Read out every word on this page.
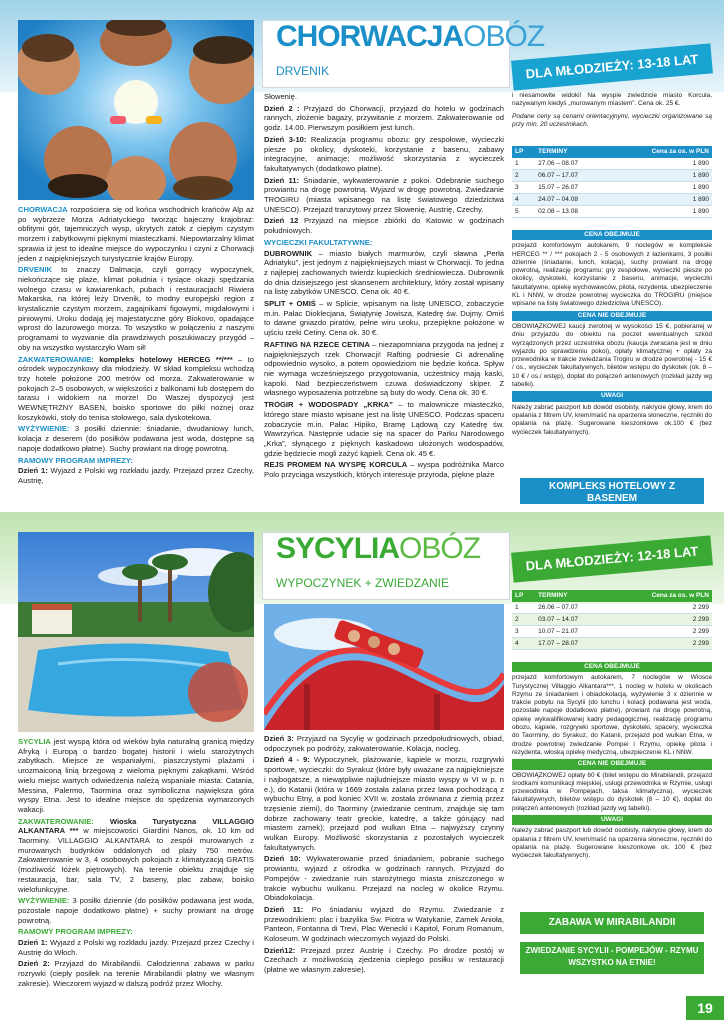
CHORWACJAOBÓZ
DRVENIK	DLA MŁODZIEŻY: 13-18 LAT

CHORWACJA rozpościera się od końca wschodnich krańców Alp aż po wybrzeże Morza Adriatyckiego tworząc bajeczny krajobraz: obfitymi gór, tajemniczych wysp, ukrytych zatok z ciepłym czystym morzem i zabytkowymi pięknymi miasteczkami. Niepowtarzalny klimat sprawia iż jest to idealne miejsce do wypoczynku i czyni z Chorwacji jeden z najpiękniejszych turystycznie krajów Europy.

DRVENIK to znaczy Dalmacja, czyli gorrący wypoczynek, niekończące się plaże, klimat południa i tysiące okazji spędzania wolnego czasu w kawiarenkach, pubach i restauracjach! Riwiera Makarska, na której leży Drvenik, to modny europejski region z krystalicznie czystym morzem, zagajnikami figowymi, migdałowymi i piniowymi. Uroku dodają jej majestatyczne góry Biokovo, opadające wprost do lazurowego morza. To wszystko w połączeniu z naszymi programami to wyzwanie dla prawdziwych poszukiwaczy przygód – oby na wszystko wystarczyło Wam sił!

ZAKWATEROWANIE: kompleks hotelowy HERCEG **/*** – to ośrodek wypoczynkowy dla młodzieży. W skład kompleksu wchodzą trzy hotele położone 200 metrów od morza. Zakwaterowanie w pokojach 2–5 osobowych, w większości z balkonami lub dostępem do tarasu i widokiem na morze! Do Waszej dyspozycji jest WEWNĘTRZNY BASEN, boisko sportowe do piłki nożnej oraz koszykówki, stoły do tenisa stołowego, sala dyskotekowa.

WYŻYWIENIE: 3 posiłki dziennie: śniadanie, dwudaniowy lunch, kolacja z deserem (do posiłków podawana jest woda, dostępne są napoje dodatkowo płatne). Suchy prowiant na drogę powrotną.

RAMOWY PROGRAM IMPREZY:

Dzień 1: Wyjazd z Polski wg rozkładu jazdy. Przejazd przez Czechy, Austrię,

Słowenię.

Dzień 2 : Przyjazd do Chorwacji, przyjazd do hotelu w godzinach rannych, złożenie bagaży, przywitanie z morzem. Zakwaterowanie od godz. 14.00. Pierwszym posiłkiem jest lunch.

Dzień 3-10: Realizacja programu obozu: gry zespołowe, wycieczki piesze po okolicy, dyskoteki, korzystanie z basenu, zabawy integracyjne, animacje; możliwość skorzystania z wycieczek fakultatywnych (dodatkowo płatne).

Dzień 11: Śniadanie, wykwaterowanie z pokoi. Odebranie suchego prowiantu na drogę powrotną. Wyjazd w drogę powrotną. Zwiedzanie TROGIRU (miasta wpisanego na listę światowego dziedzictwa UNESCO). Przejazd tranzytowy przez Słowenię, Austrię, Czechy.

Dzień 12 Przyjazd na miejsce zbiórki do Katowic w godzinach południowych.

WYCIECZKI FAKULTATYWNE:

DUBROWNIK – miasto białych marmurów, czyli sławna „Perła Adriatyku”, jest jednym z najpiękniejszych miast w Chorwacji. To jedna z najlepiej zachowanych twierdz kupieckich średniowiecza. Dubrownik do dnia dzisiejszego jest skansenem architektury, który został wpisany na listę zabytków UNESCO. Cena ok. 40 €.

SPLIT + OMIŚ – w Splicie, wpisanym na listę UNESCO, zobaczycie m.in. Pałac Dioklecjana, Świątynię Jowisza, Katedrę św. Dujmy. Omiś to dawne gniazdo piratów, pełne wiru uroku, przepiękne położone w ujściu rzeki Cetiny. Cena ok. 30 €.

RAFTING NA RZECE CETINA – niezapomniana przygoda na jednej z najpiękniejszych rzek Chorwacji! Rafting podniesie Ci adrenalinę odpowiednio wysoko, a potem opowiedziom nie będzie końca. Spływ nie wymaga wcześniejszego przygotowania, uczestnicy mają kaski, kapoki. Nad bezpieczeństwem czuwa doświadczony skiper. Z własnego wyposażenia potrzebne są buty do wody. Cena ok. 30 €.

TROGIR + WODOSPADY „KRKA” – to malownicze miasteczko, którego stare miasto wpisane jest na listę UNESCO. Podczas spaceru zobaczycie m.in. Pałac Hipiko, Bramę Lądową czy Katedrę św. Wawrzyńca. Następnie udacie się na spacer do Parku Narodowego „Krka”, słynącego z pięknych kaskadowo ułożonych wodospadów, gdzie będziecie mogli zażyć kąpieli. Cena ok. 45 €.

REJS PROMEM NA WYSPĘ KORCULA – wyspa podróżnika Marco Polo przyciąga wszystkich, których interesuje przyroda, piękne plaże

i niesamowite widoki! Na wyspie zwiedzicie miasto Korcula, nazywanym kiedyś „murowanym miastem”. Cena ok. 25 €.

Podane ceny są cenami orientacyjnymi, wycieczki organizowane są przy min. 20 uczestnikach.

LP	TERMINY	Cena za os. w PLN
1	27.06 – 08.07	1 890
2	06.07 – 17.07	1 890
3	15.07 – 26.07	1 890
4	24.07 – 04.08	1 890
5	02.08 – 13.08	1 890
CENA OBEJMUJE

przejazd komfortowym autokarem, 9 noclegów w kompleksie HERCEG ** / *** pokojach 2 - 5 osobowych z łazienkami, 3 posiłki dziennie (śniadanie, lunch, kolacja), suchy prowiant na drogę powrotną, realizację programu: gry zespołowe, wycieczki piesze po okolicy, dyskoteki, korzystanie z basenu, animacje, wycieczki fakultatywne, opiekę wychowawców, pilota, rezydenta, ubezpieczenie KL i NNW, w drodze powrotnej wycieczka do TROGIRU (miejsce wpisane na listę światowego dziedzictwa UNESCO).

CENA NIE OBEJMUJE

OBOWIĄZKOWEJ kaucji zwrotnej w wysokości 15 €, pobieranej w dniu przyjazdu do obiektu na poczet ewentualnych szkód wyrządzonych przez uczestnika obozu (kaucja zwracana jest w dniu wyjazdu po sprawdzeniu pokoi), opłaty klimatycznej + opłaty za przewodnika w trakcie zwiedzania Trogiru w drodze powrotnej - 15 € / os., wycieczek fakultatywnych, biletów wstępu do dyskotek (ok. 8 – 10 € / os./ wstęp), dopłat do połączeń antenowych (rozkład jazdy wg tabelki).

UWAGI

Należy zabrać paszport lub dowód osobisty, nakrycie głowy, krem do opalania z filtrem UV, krem/maść na oparzenia słoneczne, ręczniki do opalania na plażę. Sugerowane kieszonkowe ok.100 € (bez wycieczek fakultatywnych).

KOMPLEKS HOTELOWY Z BASENEM
SYCYLIAOBÓZ
WYPOCZYNEK + ZWIEDZANIE
DLA MŁODZIEŻY: 12-18 LAT

SYCYLIA jest wyspą która od wieków była naturalną granicą między Afryką i Europą o bardzo bogatej historii i wielu starożytnych zabytkach. Miejsce ze wspaniałymi, piaszczystymi plażami i urozmaiconą linią brzegową z wieloma pięknymi zakątkami. Wśród wielu miejsc wartych odwiedzenia należą wspaniałe miasta: Catania, Messina, Palermo, Taormina oraz symboliczna największa góra wyspy Etna. Jest to idealne miejsce do spędzenia wymarzonych wakacji.

ZAKWATEROWANIE: Wioska Turystyczna VILLAGGIO ALKANTARA *** w miejscowości Giardini Nanos, ok. 10 km od Taorminy. VILLAGGIO ALKANTARA to zespół murowanych z murowanych budynków oddalonych od plaży 750 metrów. Zakwaterowanie w 3, 4 osobowych pokojach z klimatyzacją GRATIS (możliwość łóżek piętrowych). Na terenie obiektu znajduje się restauracja, bar, sala TV, 2 baseny, plac zabaw, boisko wielofunkcyjne.

WYŻYWIENIE: 3 posiłki dziennie (do posiłków podawana jest woda, pozostałe napoje dodatkowo płatne) + suchy prowiant na drogę powrotną.

RAMOWY PROGRAM IMPREZY:

Dzień 1: Wyjazd z Polski wg rozkładu jazdy. Przejazd przez Czechy i Austrię do Włoch.

Dzień 2: Przyjazd do Mirabilandii. Całodzienna zabawa w parku rozrywki (ciepły posiłek na terenie Mirabilandii płatny we własnym zakresie). Wieczorem wyjazd w dalszą podróż przez Włochy.

Dzień 3: Przyjazd na Sycylię w godzinach przedpołudniowych, obiad, odpoczynek po podróży, zakwaterowanie. Kolacja, nocleg.

Dzień 4 - 9: Wypoczynek, plażowanie, kąpiele w morzu, rozgrywki sportowe, wycieczki: do Syrakuz (które były uważane za najpiękniejsze i najbogatsze, a niewątpliwie najludniejsze miasto wyspy w VI w p. n e.), do Katanii (która w 1669 została zalana przez lawa pochodzącą z wybuchu Etny, a pod koniec XVII w. została zrównana z ziemią przez trzęsienie ziemi), do Taorminy (zwiedzanie centrum, znajduje się tam dobrze zachowany teatr greckie, katedrę, a także górujący nad miastem zamek); przejazd pod wulkan Etna – najwyższy czynny wulkan Europy. Możliwość skorzystania z pozostałych wycieczek fakultatywnych.

Dzień 10: Wykwaterowanie przed śniadaniem, pobranie suchego prowiantu, wyjazd z ośrodka w godzinach rannych. Przyjazd do Pompejów - zwiedzanie ruin starożytnego miasta zniszczonego w trakcie wybuchu wulkanu. Przejazd na nocleg w okolice Rzymu. Obiadokolacja.

Dzień 11: Po śniadaniu wyjazd do Rzymu. Zwiedzanie z przewodnikiem: plac i bazylika Św. Piotra w Watykanie, Zamek Anioła, Panteon, Fontanna di Trevi, Plac Wenecki i Kapitol, Forum Romanum, Koloseum. W godzinach wieczornych wyjazd do Polski.

Dzień12: Przejazd przez Austrię i Czechy. Po drodze postój w Czechach z możliwością zjedzenia ciepłego posiłku w restauracji (płatne we własnym zakresie).

LP	TERMINY	Cena za os. w PLN
1	26.06 – 07.07	2 299
2	03.07 – 14.07	2 299
3	10.07 – 21.07	2 299
4	17.07 – 28.07	2 299
CENA OBEJMUJE

przejazd komfortowym autokarem, 7 noclegów w Wiosce Turystycznej Villaggio Alkantara***, 1 nocleg w hotelu w okolicach Rzymu ze śniadaniem i obiadokolacją, wyżywienie 3 x dziennie w trakcie pobytu na Sycylii (do lunchu i kolacji podawana jest woda, pozostałe napoje dodatkowo płatne), prowiant na drogę powrotną, opiekę wykwalifikowanej kadry pedagogicznej, realizację programu obozu, kąpiele, rozgrywki sportowe, dyskoteki, spacery, wycieczka do Taorminy, do Syrakuz, do Katanii, przejazd pod wulkan Etna, w drodze powrotnej zwiedzanie Pompei i Rzymu, opiekę pilota i rezydenta, włoską opiekę medyczną, ubezpieczenie KL i NNW.

CENA NIE OBEJMUJE

OBOWIĄZKOWEJ opłaty 60 € (bilet wstępu do Mirabilandii, przejazd środkami komunikacji miejskiej, usługi przewodnika w Rzymie, usługi przewodnika w Pompejach, taksa klimatyczna), wycieczek fakultatywnych, biletów wstępu do dyskotek (8 – 10 €), dopłat do połączeń antenowych (rozkład jazdy wg tabelki).

UWAGI

Należy zabrać paszport lub dowód osobisty, nakrycie głowy, krem do opalania z filtrem UV, krem/maść na oparzenia słoneczne, ręczniki do opalania na plażę. Sugerowane kieszonkowe ok. 100 € (bez wycieczek fakultatywnych).

ZABAWA W MIRABILANDII
ZWIEDZANIE SYCYLII - POMPEJÓW - RZYMU WSZYSTKO NA ETNIE!
19
